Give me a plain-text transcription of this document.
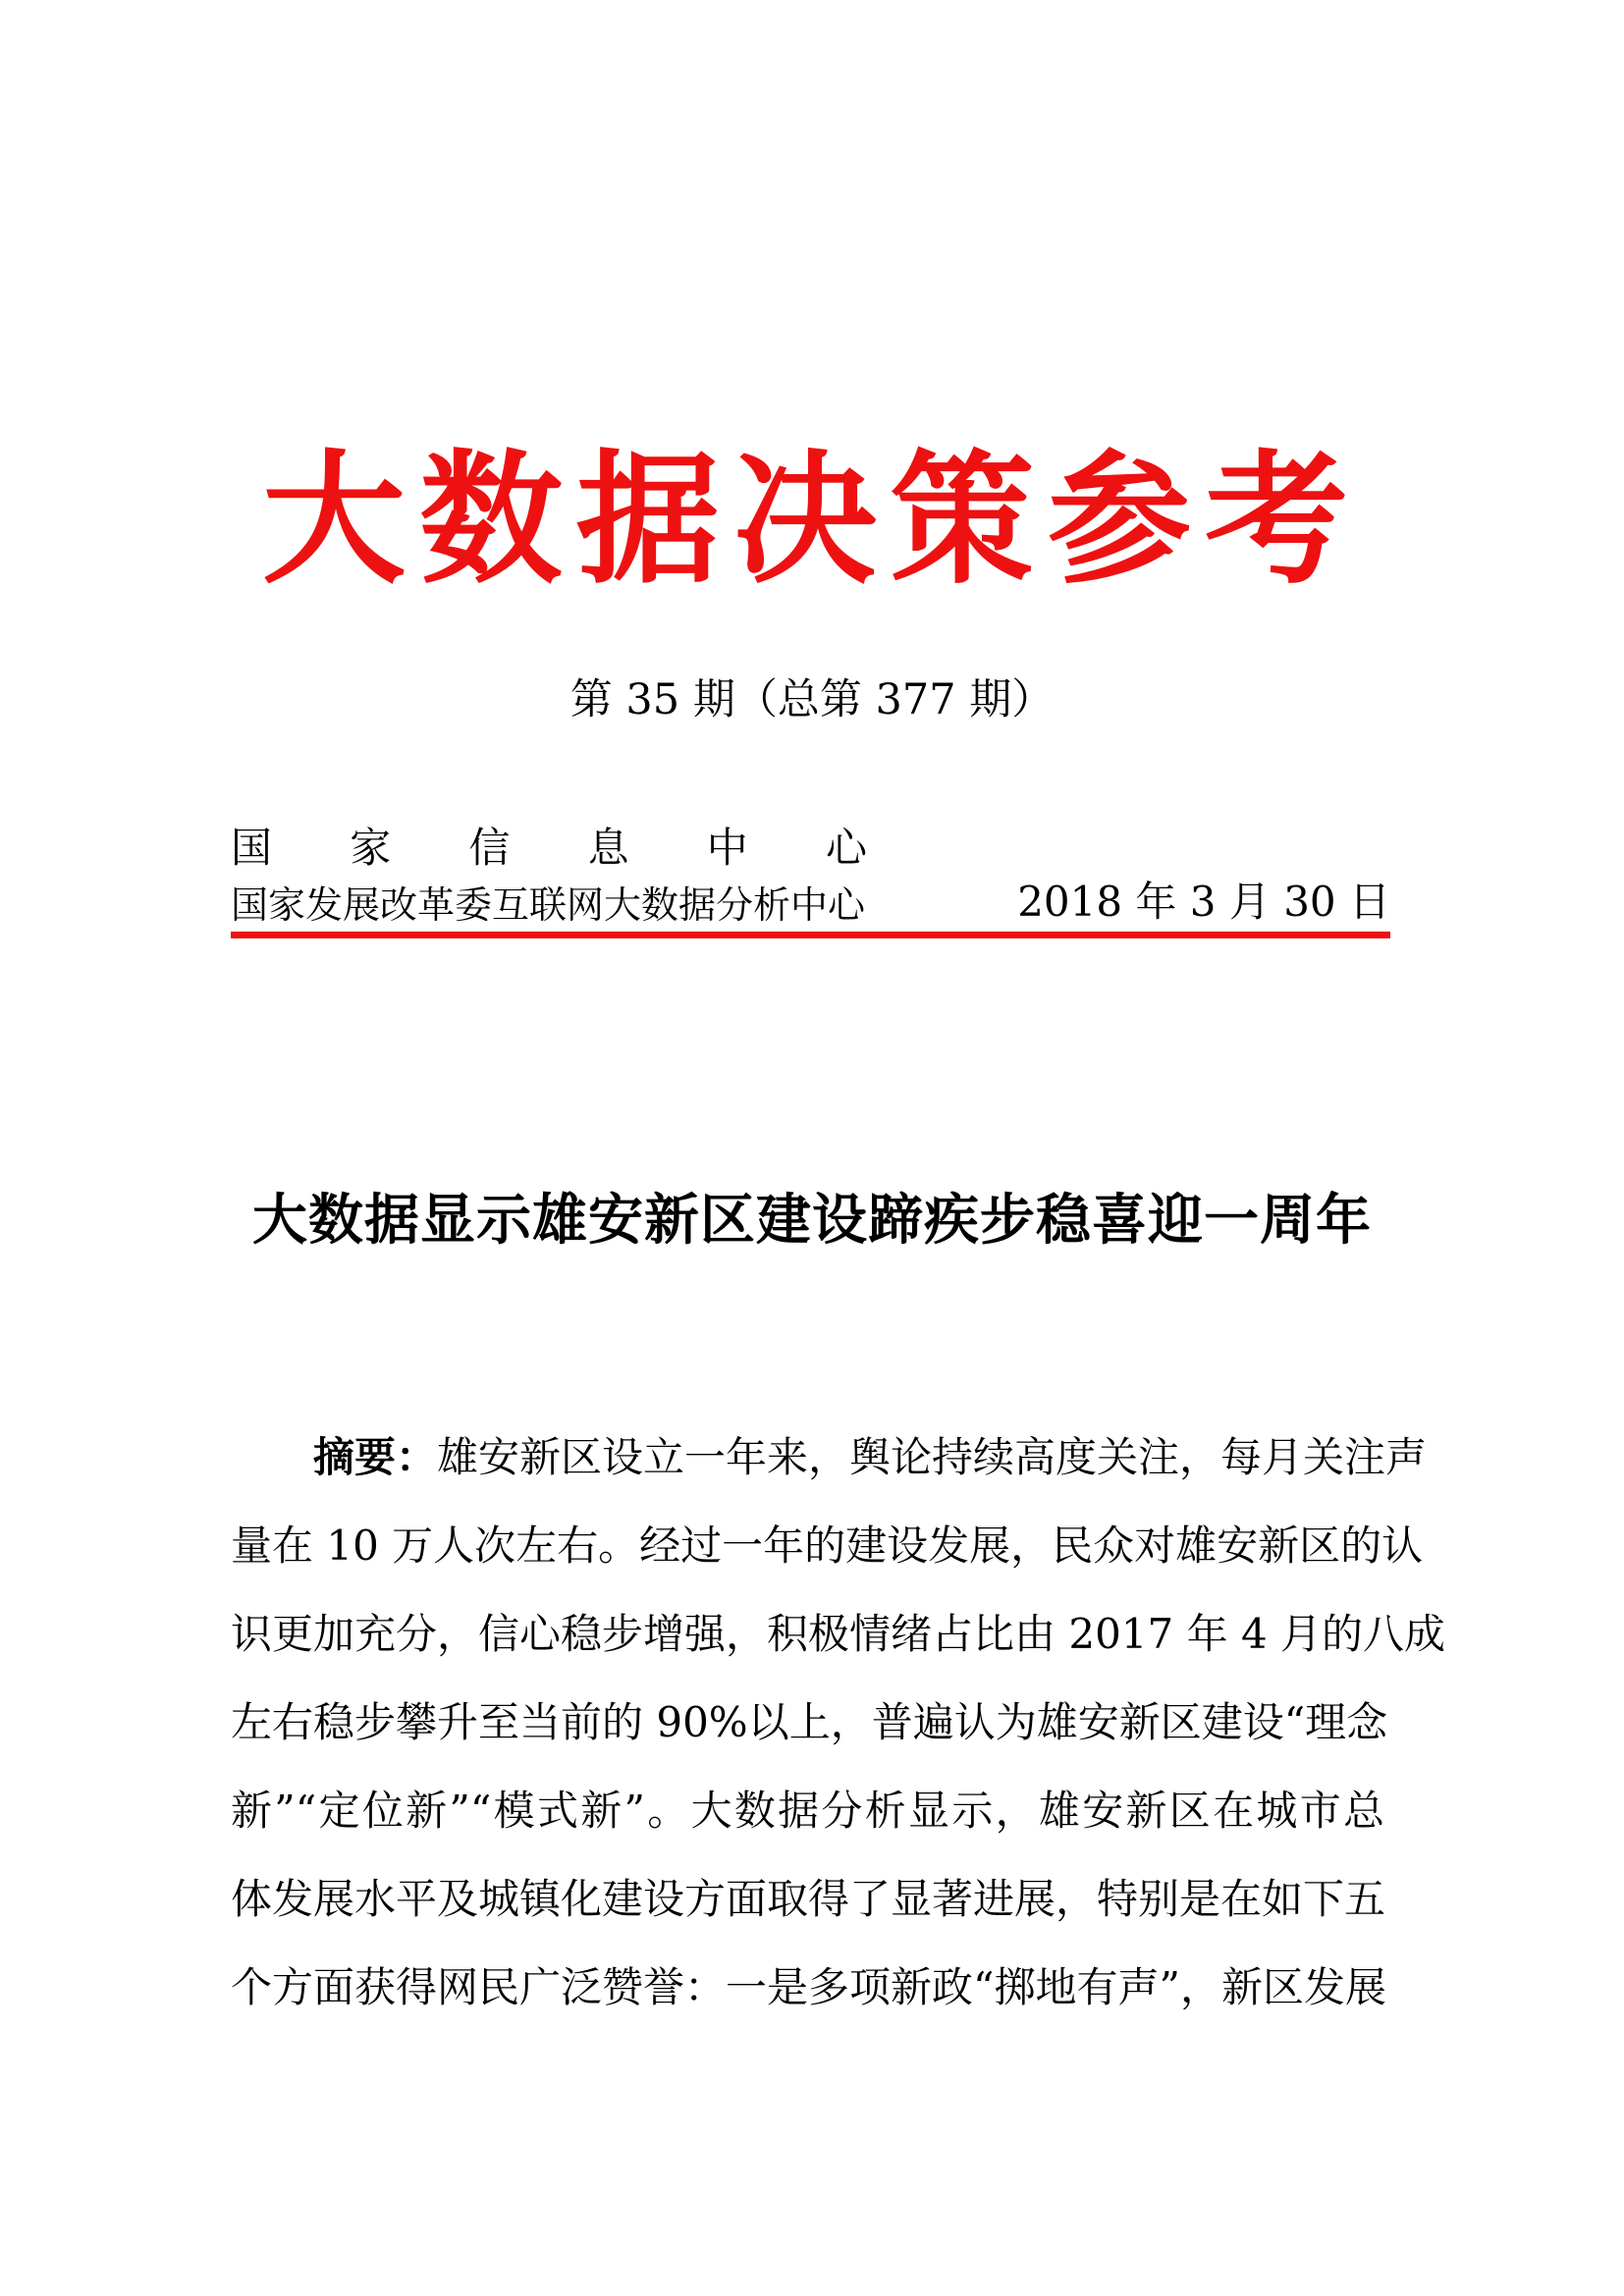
大数据决策参考
第 35 期（总第 377 期）
国 家 信 息 中 心
国家发展改革委互联网大数据分析中心	2018 年 3 月 30 日
大数据显示雄安新区建设蹄疾步稳喜迎一周年
摘要：雄安新区设立一年来，舆论持续高度关注，每月关注声
量在 10 万人次左右。经过一年的建设发展，民众对雄安新区的认
识更加充分，信心稳步增强，积极情绪占比由 2017 年 4 月的八成
左右稳步攀升至当前的 90%以上，普遍认为雄安新区建设“理念
新”“定位新”“模式新”。大数据分析显示，雄安新区在城市总
体发展水平及城镇化建设方面取得了显著进展，特别是在如下五
个方面获得网民广泛赞誉：一是多项新政“掷地有声”，新区发展
